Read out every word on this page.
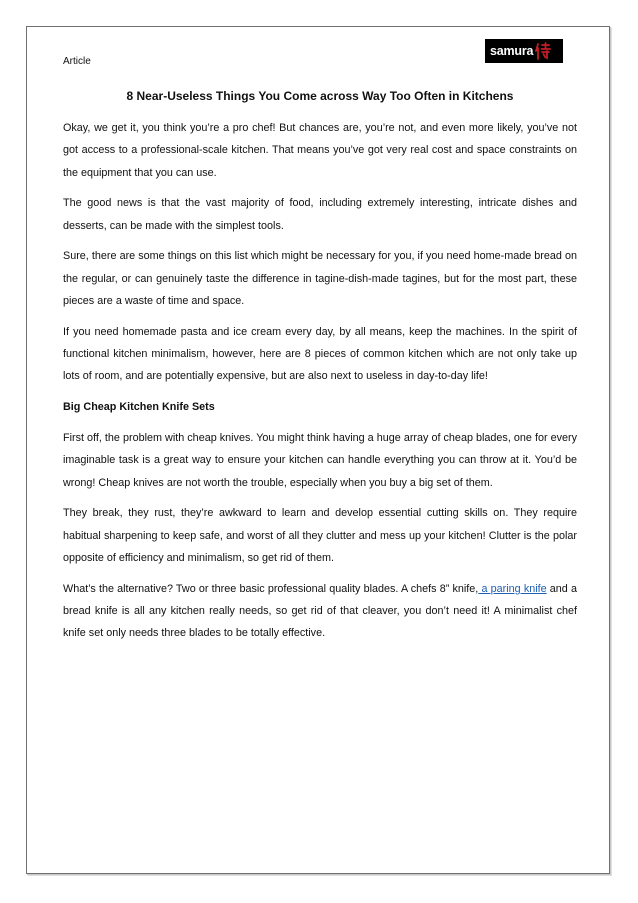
Article
samura
8 Near-Useless Things You Come across Way Too Often in Kitchens

Okay, we get it, you think you’re a pro chef! But chances are, you’re not, and even more likely, you’ve not got access to a professional-scale kitchen. That means you’ve got very real cost and space constraints on the equipment that you can use.

The good news is that the vast majority of food, including extremely interesting, intricate dishes and desserts, can be made with the simplest tools.

Sure, there are some things on this list which might be necessary for you, if you need home-made bread on the regular, or can genuinely taste the difference in tagine-dish-made tagines, but for the most part, these pieces are a waste of time and space.

If you need homemade pasta and ice cream every day, by all means, keep the machines. In the spirit of functional kitchen minimalism, however, here are 8 pieces of common kitchen which are not only take up lots of room, and are potentially expensive, but are also next to useless in day-to-day life!

Big Cheap Kitchen Knife Sets

First off, the problem with cheap knives. You might think having a huge array of cheap blades, one for every imaginable task is a great way to ensure your kitchen can handle everything you can throw at it. You’d be wrong! Cheap knives are not worth the trouble, especially when you buy a big set of them.

They break, they rust, they’re awkward to learn and develop essential cutting skills on. They require habitual sharpening to keep safe, and worst of all they clutter and mess up your kitchen! Clutter is the polar opposite of efficiency and minimalism, so get rid of them.

What’s the alternative? Two or three basic professional quality blades. A chefs 8” knife, a paring knife and a bread knife is all any kitchen really needs, so get rid of that cleaver, you don’t need it! A minimalist chef knife set only needs three blades to be totally effective.
